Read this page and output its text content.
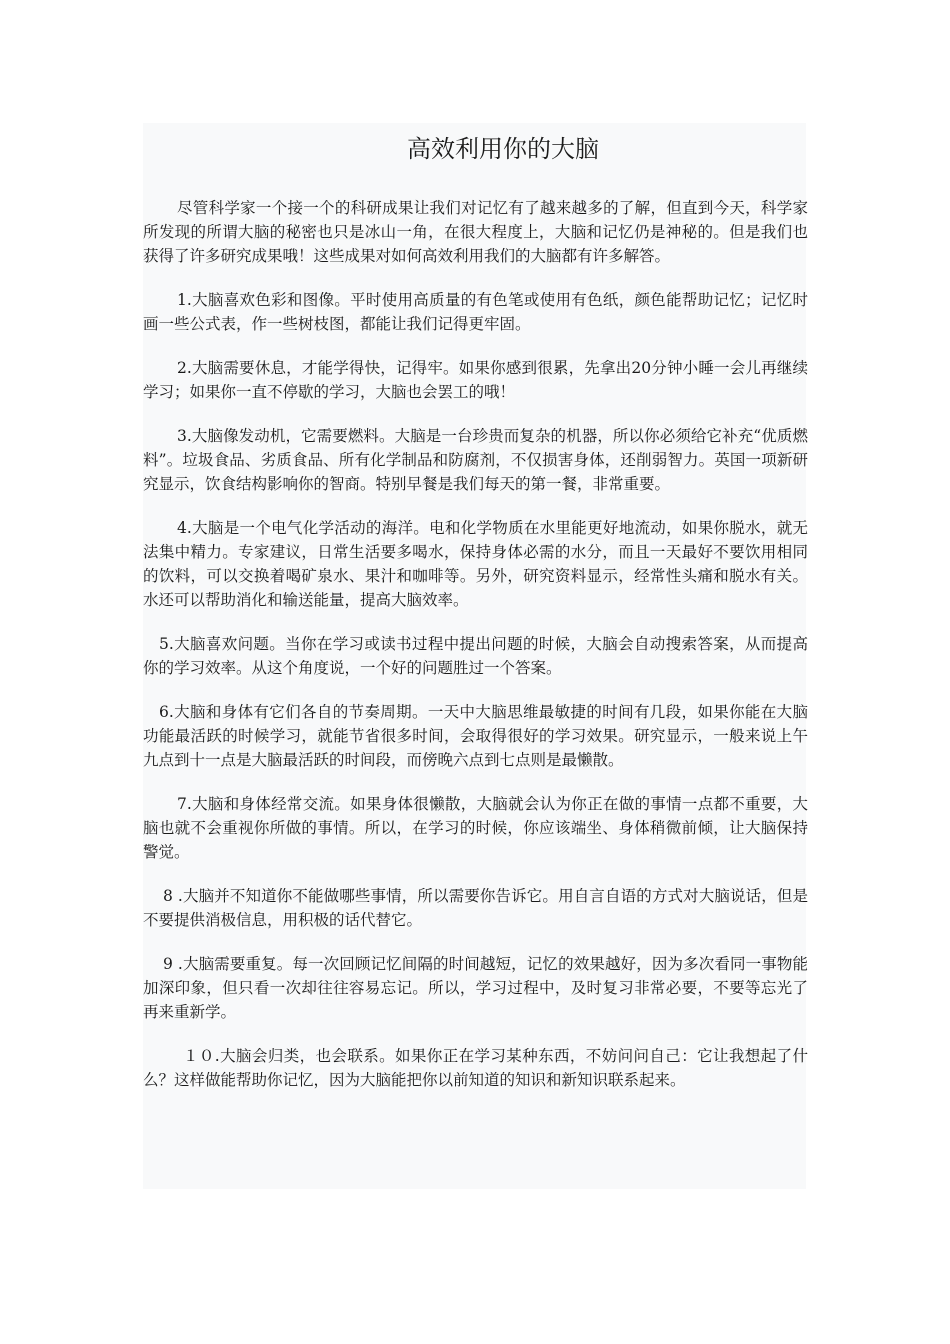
高效利用你的大脑

尽管科学家一个接一个的科研成果让我们对记忆有了越来越多的了解，但直到今天，科学家所发现的所谓大脑的秘密也只是冰山一角，在很大程度上，大脑和记忆仍是神秘的。但是我们也获得了许多研究成果哦！这些成果对如何高效利用我们的大脑都有许多解答。

1.大脑喜欢色彩和图像。平时使用高质量的有色笔或使用有色纸，颜色能帮助记忆；记忆时画一些公式表，作一些树枝图，都能让我们记得更牢固。

2.大脑需要休息，才能学得快，记得牢。如果你感到很累，先拿出20分钟小睡一会儿再继续学习；如果你一直不停歇的学习，大脑也会罢工的哦！

3.大脑像发动机，它需要燃料。大脑是一台珍贵而复杂的机器，所以你必须给它补充“优质燃料”。垃圾食品、劣质食品、所有化学制品和防腐剂，不仅损害身体，还削弱智力。英国一项新研究显示，饮食结构影响你的智商。特别早餐是我们每天的第一餐，非常重要。

4.大脑是一个电气化学活动的海洋。电和化学物质在水里能更好地流动，如果你脱水，就无法集中精力。专家建议，日常生活要多喝水，保持身体必需的水分，而且一天最好不要饮用相同的饮料，可以交换着喝矿泉水、果汁和咖啡等。另外，研究资料显示，经常性头痛和脱水有关。水还可以帮助消化和输送能量，提高大脑效率。

5.大脑喜欢问题。当你在学习或读书过程中提出问题的时候，大脑会自动搜索答案，从而提高你的学习效率。从这个角度说，一个好的问题胜过一个答案。

6.大脑和身体有它们各自的节奏周期。一天中大脑思维最敏捷的时间有几段，如果你能在大脑功能最活跃的时候学习，就能节省很多时间，会取得很好的学习效果。研究显示，一般来说上午九点到十一点是大脑最活跃的时间段，而傍晚六点到七点则是最懒散。

7.大脑和身体经常交流。如果身体很懒散，大脑就会认为你正在做的事情一点都不重要，大脑也就不会重视你所做的事情。所以，在学习的时候，你应该端坐、身体稍微前倾，让大脑保持警觉。

8 .大脑并不知道你不能做哪些事情，所以需要你告诉它。用自言自语的方式对大脑说话，但是不要提供消极信息，用积极的话代替它。

9 .大脑需要重复。每一次回顾记忆间隔的时间越短，记忆的效果越好，因为多次看同一事物能加深印象，但只看一次却往往容易忘记。所以，学习过程中，及时复习非常必要，不要等忘光了再来重新学。

１０.大脑会归类，也会联系。如果你正在学习某种东西，不妨问问自己：它让我想起了什么？这样做能帮助你记忆，因为大脑能把你以前知道的知识和新知识联系起来。
